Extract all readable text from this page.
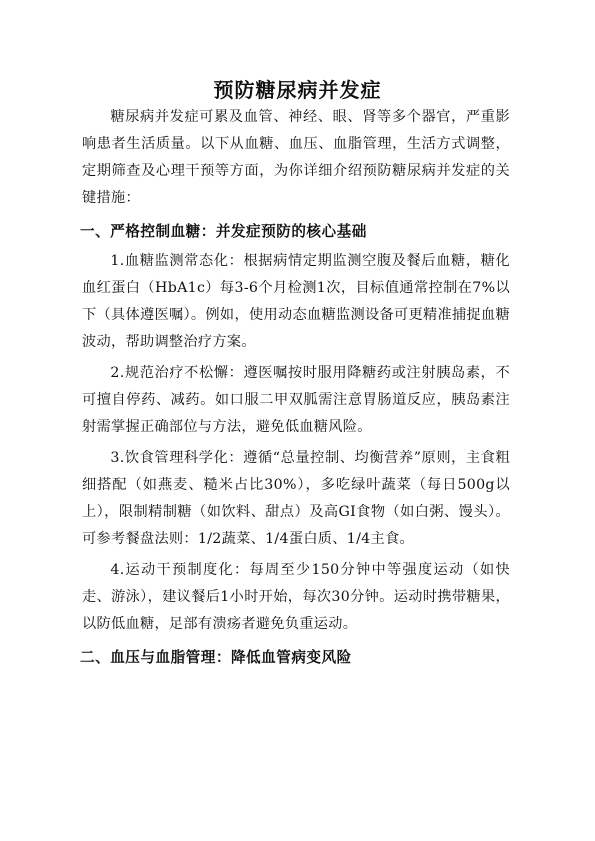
预防糖尿病并发症

糖尿病并发症可累及血管、神经、眼、肾等多个器官，严重影响患者生活质量。以下从血糖、血压、血脂管理，生活方式调整，定期筛查及心理干预等方面，为你详细介绍预防糖尿病并发症的关键措施：

一、严格控制血糖：并发症预防的核心基础

1.血糖监测常态化：根据病情定期监测空腹及餐后血糖，糖化血红蛋白（HbA1c）每3-6个月检测1次，目标值通常控制在7%以下（具体遵医嘱）。例如，使用动态血糖监测设备可更精准捕捉血糖波动，帮助调整治疗方案。

2.规范治疗不松懈：遵医嘱按时服用降糖药或注射胰岛素，不可擅自停药、减药。如口服二甲双胍需注意胃肠道反应，胰岛素注射需掌握正确部位与方法，避免低血糖风险。

3.饮食管理科学化：遵循“总量控制、均衡营养”原则，主食粗细搭配（如燕麦、糙米占比30%），多吃绿叶蔬菜（每日500g以上），限制精制糖（如饮料、甜点）及高GI食物（如白粥、馒头）。可参考餐盘法则：1/2蔬菜、1/4蛋白质、1/4主食。

4.运动干预制度化：每周至少150分钟中等强度运动（如快走、游泳），建议餐后1小时开始，每次30分钟。运动时携带糖果，以防低血糖，足部有溃疡者避免负重运动。

二、血压与血脂管理：降低血管病变风险
